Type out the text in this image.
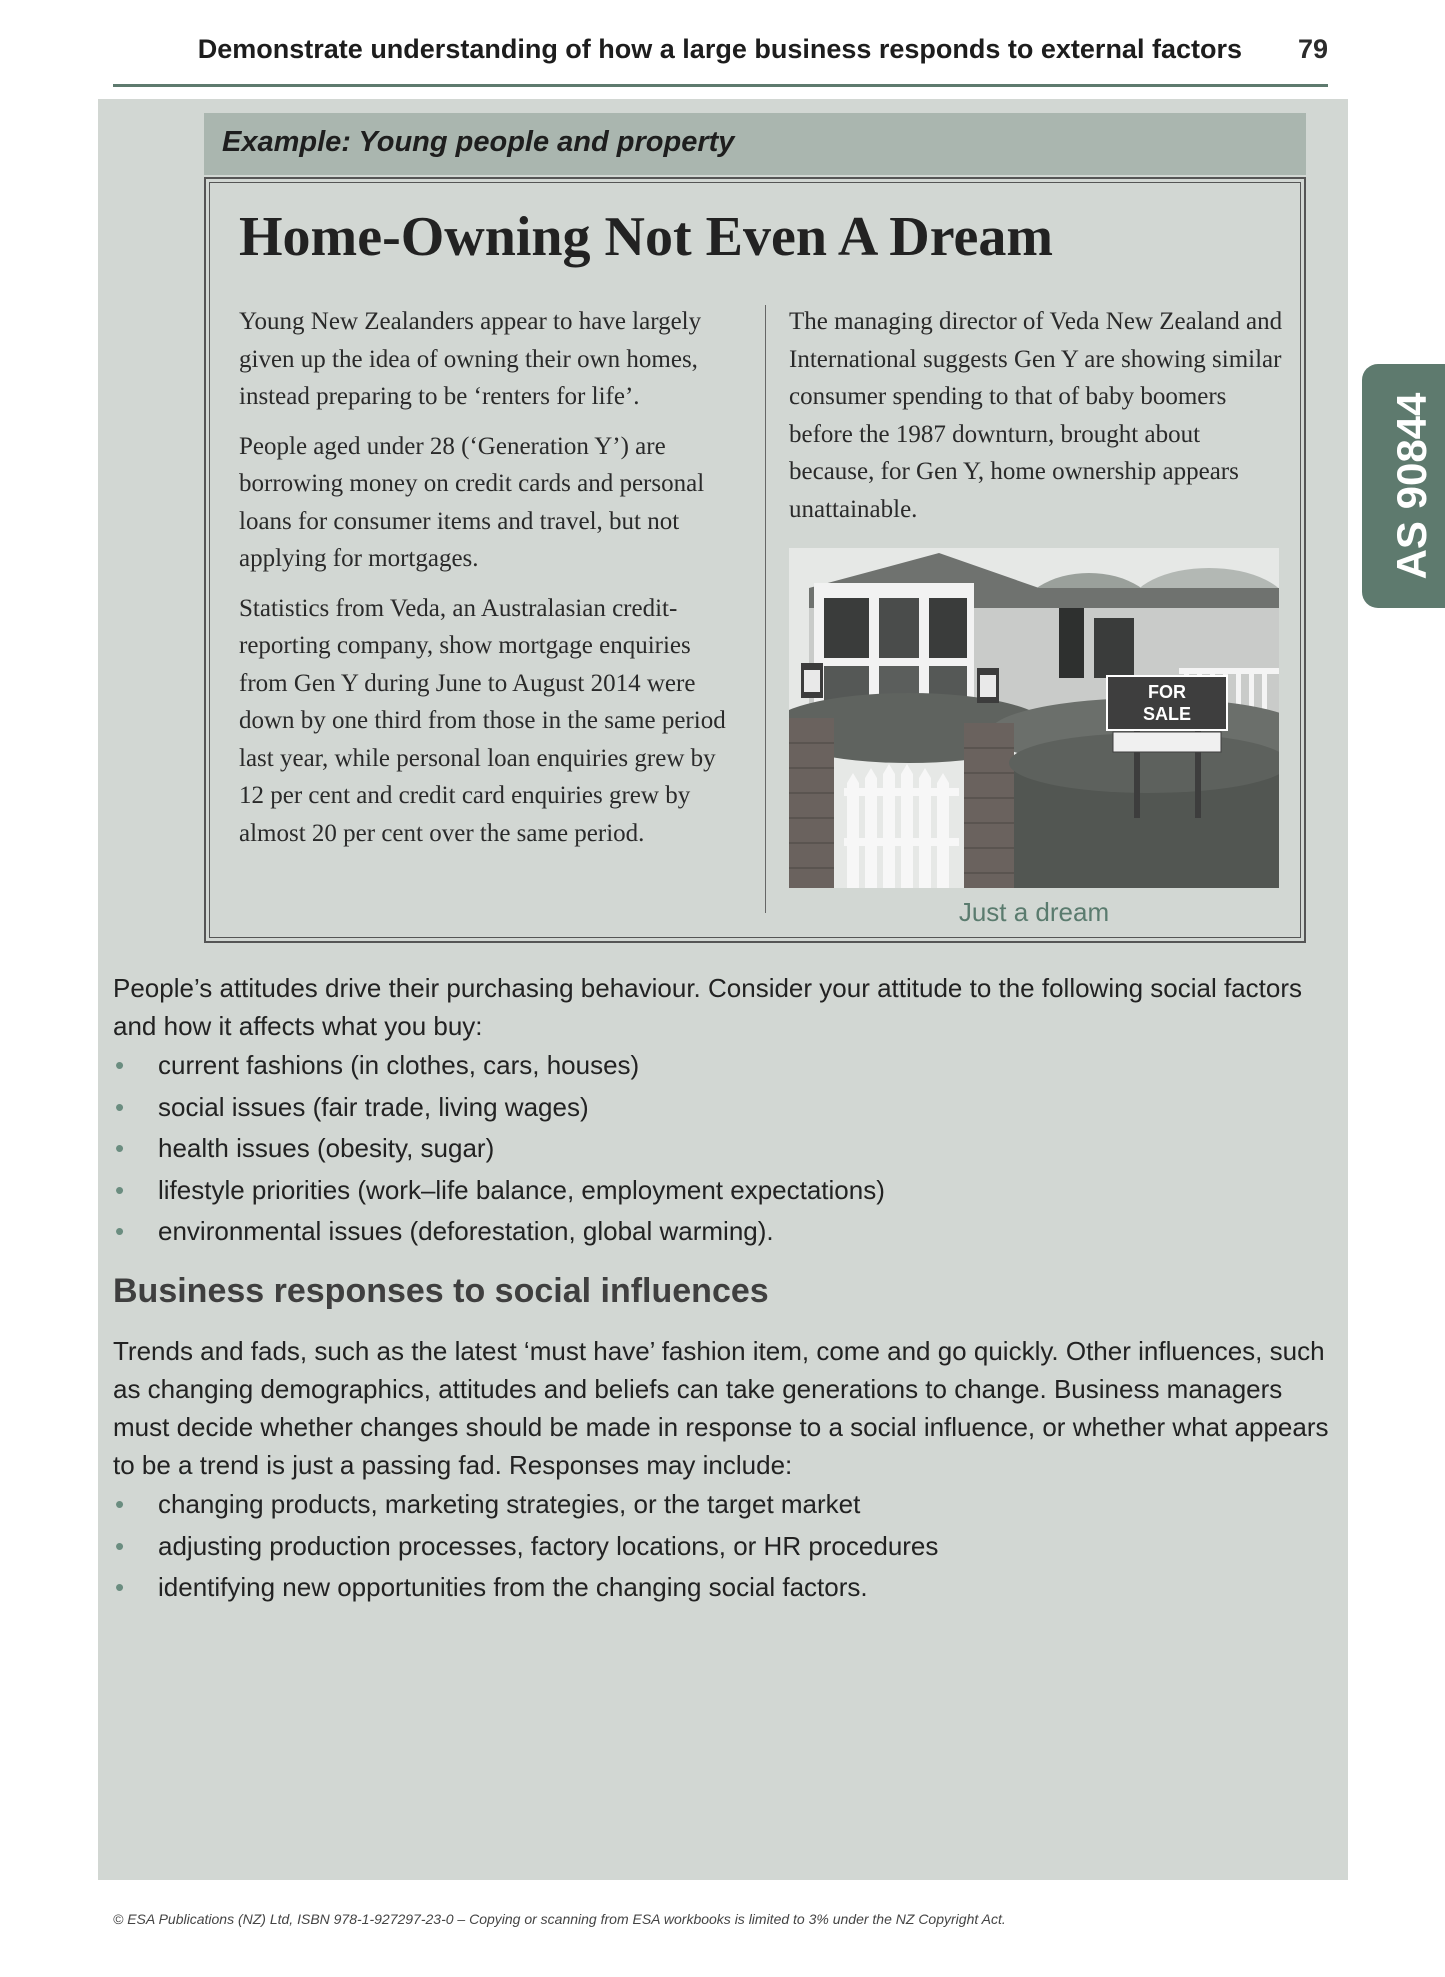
Demonstrate understanding of how a large business responds to external factors 79
AS 90844
Example: Young people and property
Home-Owning Not Even A Dream

Young New Zealanders appear to have largely given up the idea of owning their own homes, instead preparing to be ‘renters for life’.

People aged under 28 (‘Generation Y’) are borrowing money on credit cards and personal loans for consumer items and travel, but not applying for mortgages.

Statistics from Veda, an Australasian credit-reporting company, show mortgage enquiries from Gen Y during June to August 2014 were down by one third from those in the same period last year, while personal loan enquiries grew by 12 per cent and credit card enquiries grew by almost 20 per cent over the same period.

The managing director of Veda New Zealand and International suggests Gen Y are showing similar consumer spending to that of baby boomers before the 1987 downturn, brought about because, for Gen Y, home ownership appears unattainable.

FOR
SALE
Just a dream
People’s attitudes drive their purchasing behaviour. Consider your attitude to the following social factors and how it affects what you buy:
• current fashions (in clothes, cars, houses)
• social issues (fair trade, living wages)
• health issues (obesity, sugar)
• lifestyle priorities (work–life balance, employment expectations)
• environmental issues (deforestation, global warming).
Business responses to social influences
Trends and fads, such as the latest ‘must have’ fashion item, come and go quickly. Other influences, such as changing demographics, attitudes and beliefs can take generations to change. Business managers must decide whether changes should be made in response to a social influence, or whether what appears to be a trend is just a passing fad. Responses may include:
• changing products, marketing strategies, or the target market
• adjusting production processes, factory locations, or HR procedures
• identifying new opportunities from the changing social factors.
© ESA Publications (NZ) Ltd, ISBN 978-1-927297-23-0 – Copying or scanning from ESA workbooks is limited to 3% under the NZ Copyright Act.
